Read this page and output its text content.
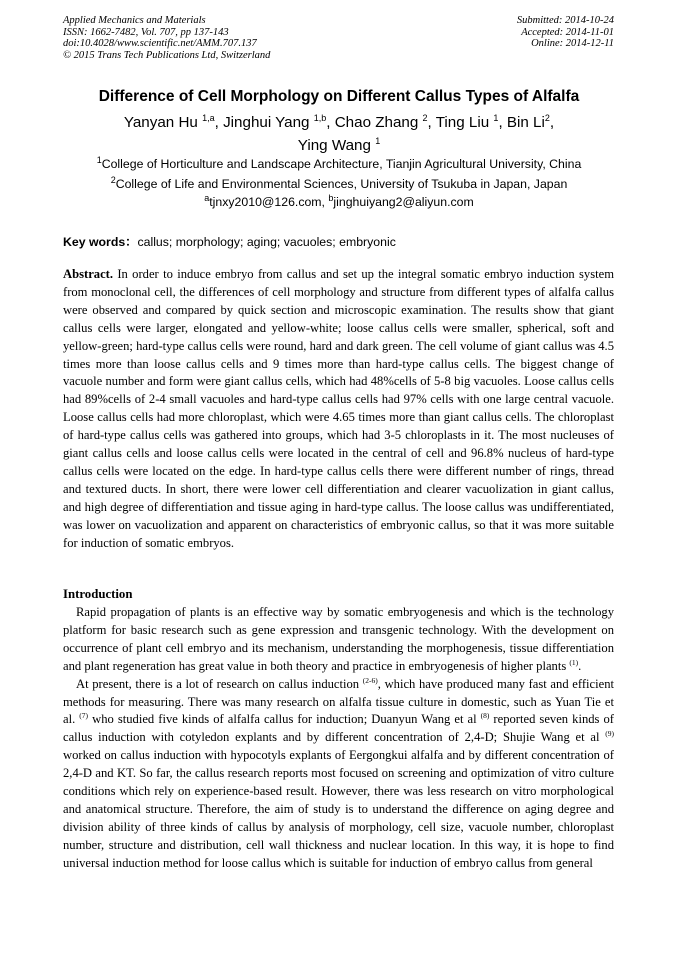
Applied Mechanics and Materials
ISSN: 1662-7482, Vol. 707, pp 137-143
doi:10.4028/www.scientific.net/AMM.707.137
© 2015 Trans Tech Publications Ltd, Switzerland
Submitted: 2014-10-24
Accepted: 2014-11-01
Online: 2014-12-11
Difference of Cell Morphology on Different Callus Types of Alfalfa
Yanyan Hu $^{1,a}$, Jinghui Yang $^{1,b}$, Chao Zhang $^2$, Ting Liu $^1$, Bin Li$^2$,
Ying Wang $^1$
$^1$College of Horticulture and Landscape Architecture, Tianjin Agricultural University, China
$^2$College of Life and Environmental Sciences, University of Tsukuba in Japan, Japan
$^a$tjnxy2010@126.com, $^b$jinghuiyang2@aliyun.com
Key words：callus; morphology; aging; vacuoles; embryonic
Abstract. In order to induce embryo from callus and set up the integral somatic embryo induction system from monoclonal cell, the differences of cell morphology and structure from different types of alfalfa callus were observed and compared by quick section and microscopic examination. The results show that giant callus cells were larger, elongated and yellow-white; loose callus cells were smaller, spherical, soft and yellow-green; hard-type callus cells were round, hard and dark green. The cell volume of giant callus was 4.5 times more than loose callus cells and 9 times more than hard-type callus cells. The biggest change of vacuole number and form were giant callus cells, which had 48%cells of 5-8 big vacuoles. Loose callus cells had 89%cells of 2-4 small vacuoles and hard-type callus cells had 97% cells with one large central vacuole. Loose callus cells had more chloroplast, which were 4.65 times more than giant callus cells. The chloroplast of hard-type callus cells was gathered into groups, which had 3-5 chloroplasts in it. The most nucleuses of giant callus cells and loose callus cells were located in the central of cell and 96.8% nucleus of hard-type callus cells were located on the edge. In hard-type callus cells there were different number of rings, thread and textured ducts. In short, there were lower cell differentiation and clearer vacuolization in giant callus, and high degree of differentiation and tissue aging in hard-type callus. The loose callus was undifferentiated, was lower on vacuolization and apparent on characteristics of embryonic callus, so that it was more suitable for induction of somatic embryos.
Introduction

Rapid propagation of plants is an effective way by somatic embryogenesis and which is the technology platform for basic research such as gene expression and transgenic technology. With the development on occurrence of plant cell embryo and its mechanism, understanding the morphogenesis, tissue differentiation and plant regeneration has great value in both theory and practice in embryogenesis of higher plants $^{(1)}$.

At present, there is a lot of research on callus induction $^{(2-6)}$, which have produced many fast and efficient methods for measuring. There was many research on alfalfa tissue culture in domestic, such as Yuan Tie et al. $^{(7)}$ who studied five kinds of alfalfa callus for induction; Duanyun Wang et al $^{(8)}$ reported seven kinds of callus induction with cotyledon explants and by different concentration of 2,4-D; Shujie Wang et al $^{(9)}$ worked on callus induction with hypocotyls explants of Eergongkui alfalfa and by different concentration of 2,4-D and KT. So far, the callus research reports most focused on screening and optimization of vitro culture conditions which rely on experience-based result. However, there was less research on vitro morphological and anatomical structure. Therefore, the aim of study is to understand the difference on aging degree and division ability of three kinds of callus by analysis of morphology, cell size, vacuole number, chloroplast number, structure and distribution, cell wall thickness and nuclear location. In this way, it is hope to find universal induction method for loose callus which is suitable for induction of embryo callus from general
